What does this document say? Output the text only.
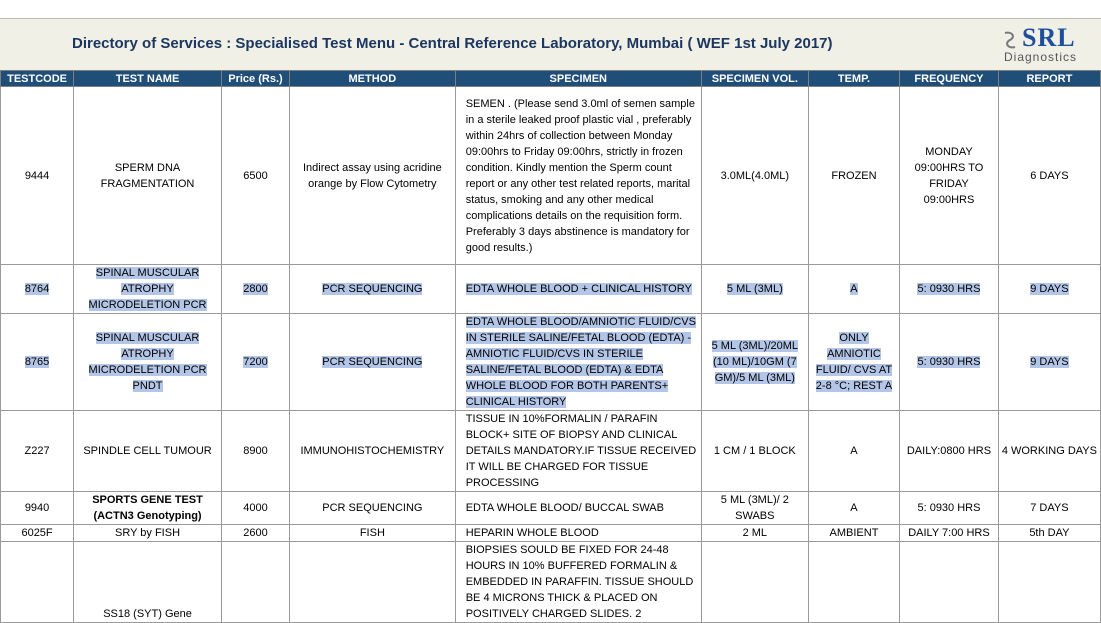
Directory of Services : Specialised Test Menu - Central Reference Laboratory, Mumbai ( WEF 1st July 2017)	SRL
Diagnostics
TESTCODE	TEST NAME	Price (Rs.)	METHOD	SPECIMEN	SPECIMEN VOL.	TEMP.	FREQUENCY	REPORT
9444	SPERM DNA FRAGMENTATION	6500	Indirect assay using acridine orange by Flow Cytometry	SEMEN . (Please send 3.0ml of semen sample in a sterile leaked proof plastic vial , preferably within 24hrs of collection between Monday 09:00hrs to Friday 09:00hrs, strictly in frozen condition. Kindly mention the Sperm count report or any other test related reports, marital status, smoking and any other medical complications details on the requisition form. Preferably 3 days abstinence is mandatory for good results.)	3.0ML(4.0ML)	FROZEN	MONDAY 09:00HRS TO FRIDAY 09:00HRS	6 DAYS
8764	SPINAL MUSCULAR ATROPHY MICRODELETION PCR	2800	PCR SEQUENCING	EDTA WHOLE BLOOD + CLINICAL HISTORY	5 ML (3ML)	A	5: 0930 HRS	9 DAYS
8765	SPINAL MUSCULAR ATROPHY MICRODELETION PCR PNDT	7200	PCR SEQUENCING	EDTA WHOLE BLOOD/AMNIOTIC FLUID/CVS IN STERILE SALINE/FETAL BLOOD (EDTA) - AMNIOTIC FLUID/CVS IN STERILE SALINE/FETAL BLOOD (EDTA) & EDTA WHOLE BLOOD FOR BOTH PARENTS+ CLINICAL HISTORY	5 ML (3ML)/20ML (10 ML)/10GM (7 GM)/5 ML (3ML)	ONLY AMNIOTIC FLUID/ CVS AT 2-8 °C; REST A	5: 0930 HRS	9 DAYS
Z227	SPINDLE CELL TUMOUR	8900	IMMUNOHISTOCHEMISTRY	TISSUE IN 10%FORMALIN / PARAFIN BLOCK+ SITE OF BIOPSY AND CLINICAL DETAILS MANDATORY.IF TISSUE RECEIVED IT WILL BE CHARGED FOR TISSUE PROCESSING	1 CM / 1 BLOCK	A	DAILY:0800 HRS	4 WORKING DAYS
9940	SPORTS GENE TEST (ACTN3 Genotyping)	4000	PCR SEQUENCING	EDTA WHOLE BLOOD/ BUCCAL SWAB	5 ML (3ML)/ 2 SWABS	A	5: 0930 HRS	7 DAYS
6025F	SRY by FISH	2600	FISH	HEPARIN WHOLE BLOOD	2 ML	AMBIENT	DAILY 7:00 HRS	5th DAY
	SS18 (SYT) Gene			BIOPSIES SOULD BE FIXED FOR 24-48 HOURS IN 10% BUFFERED FORMALIN & EMBEDDED IN PARAFFIN. TISSUE SHOULD BE 4 MICRONS THICK & PLACED ON POSITIVELY CHARGED SLIDES. 2				
